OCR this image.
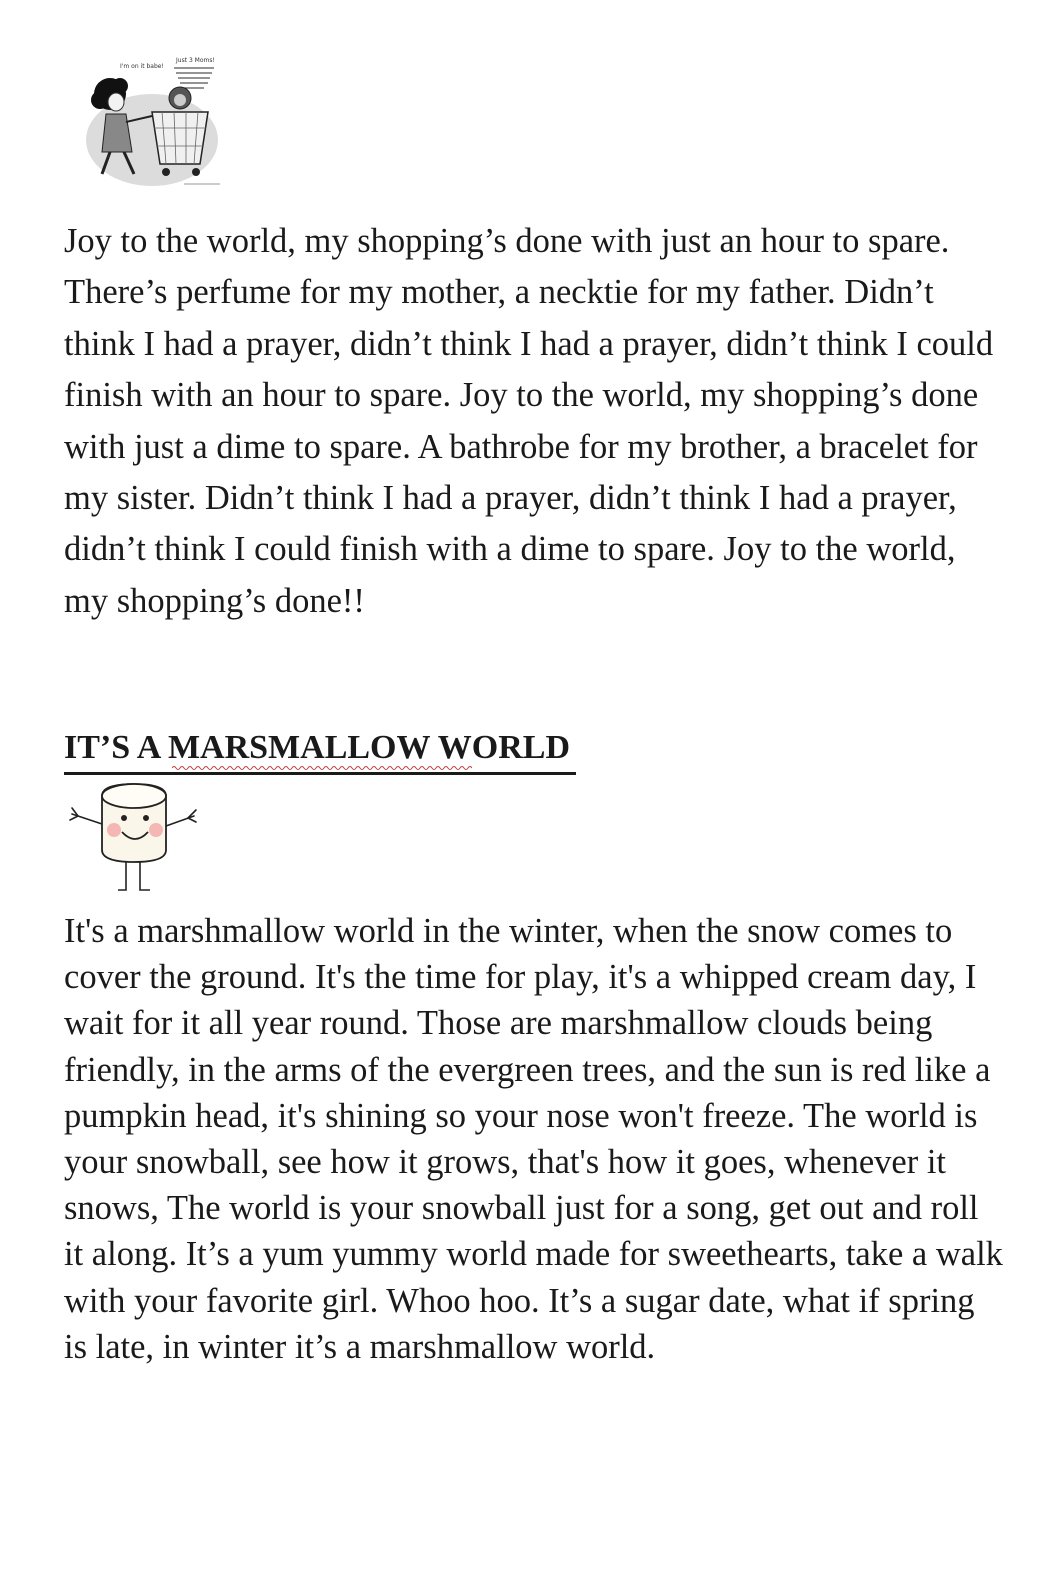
I'm on it babe!
Just 3 Moms!

Joy to the world, my shopping’s done with just an hour to spare. There’s perfume for my mother, a necktie for my father. Didn’t think I had a prayer, didn’t think I had a prayer, didn’t think I could finish with an hour to spare. Joy to the world, my shopping’s done with just a dime to spare. A bathrobe for my brother, a bracelet for my sister. Didn’t think I had a prayer, didn’t think I had a prayer, didn’t think I could finish with a dime to spare. Joy to the world, my shopping’s done!!

IT’S A MARSMALLOW WORLD

It's a marshmallow world in the winter, when the snow comes to cover the ground. It's the time for play, it's a whipped cream day, I wait for it all year round. Those are marshmallow clouds being friendly, in the arms of the evergreen trees, and the sun is red like a pumpkin head, it's shining so your nose won't freeze. The world is your snowball, see how it grows, that's how it goes, whenever it snows, The world is your snowball just for a song, get out and roll it along. It’s a yum yummy world made for sweethearts, take a walk with your favorite girl. Whoo hoo. It’s a sugar date, what if spring is late, in winter it’s a marshmallow world.
